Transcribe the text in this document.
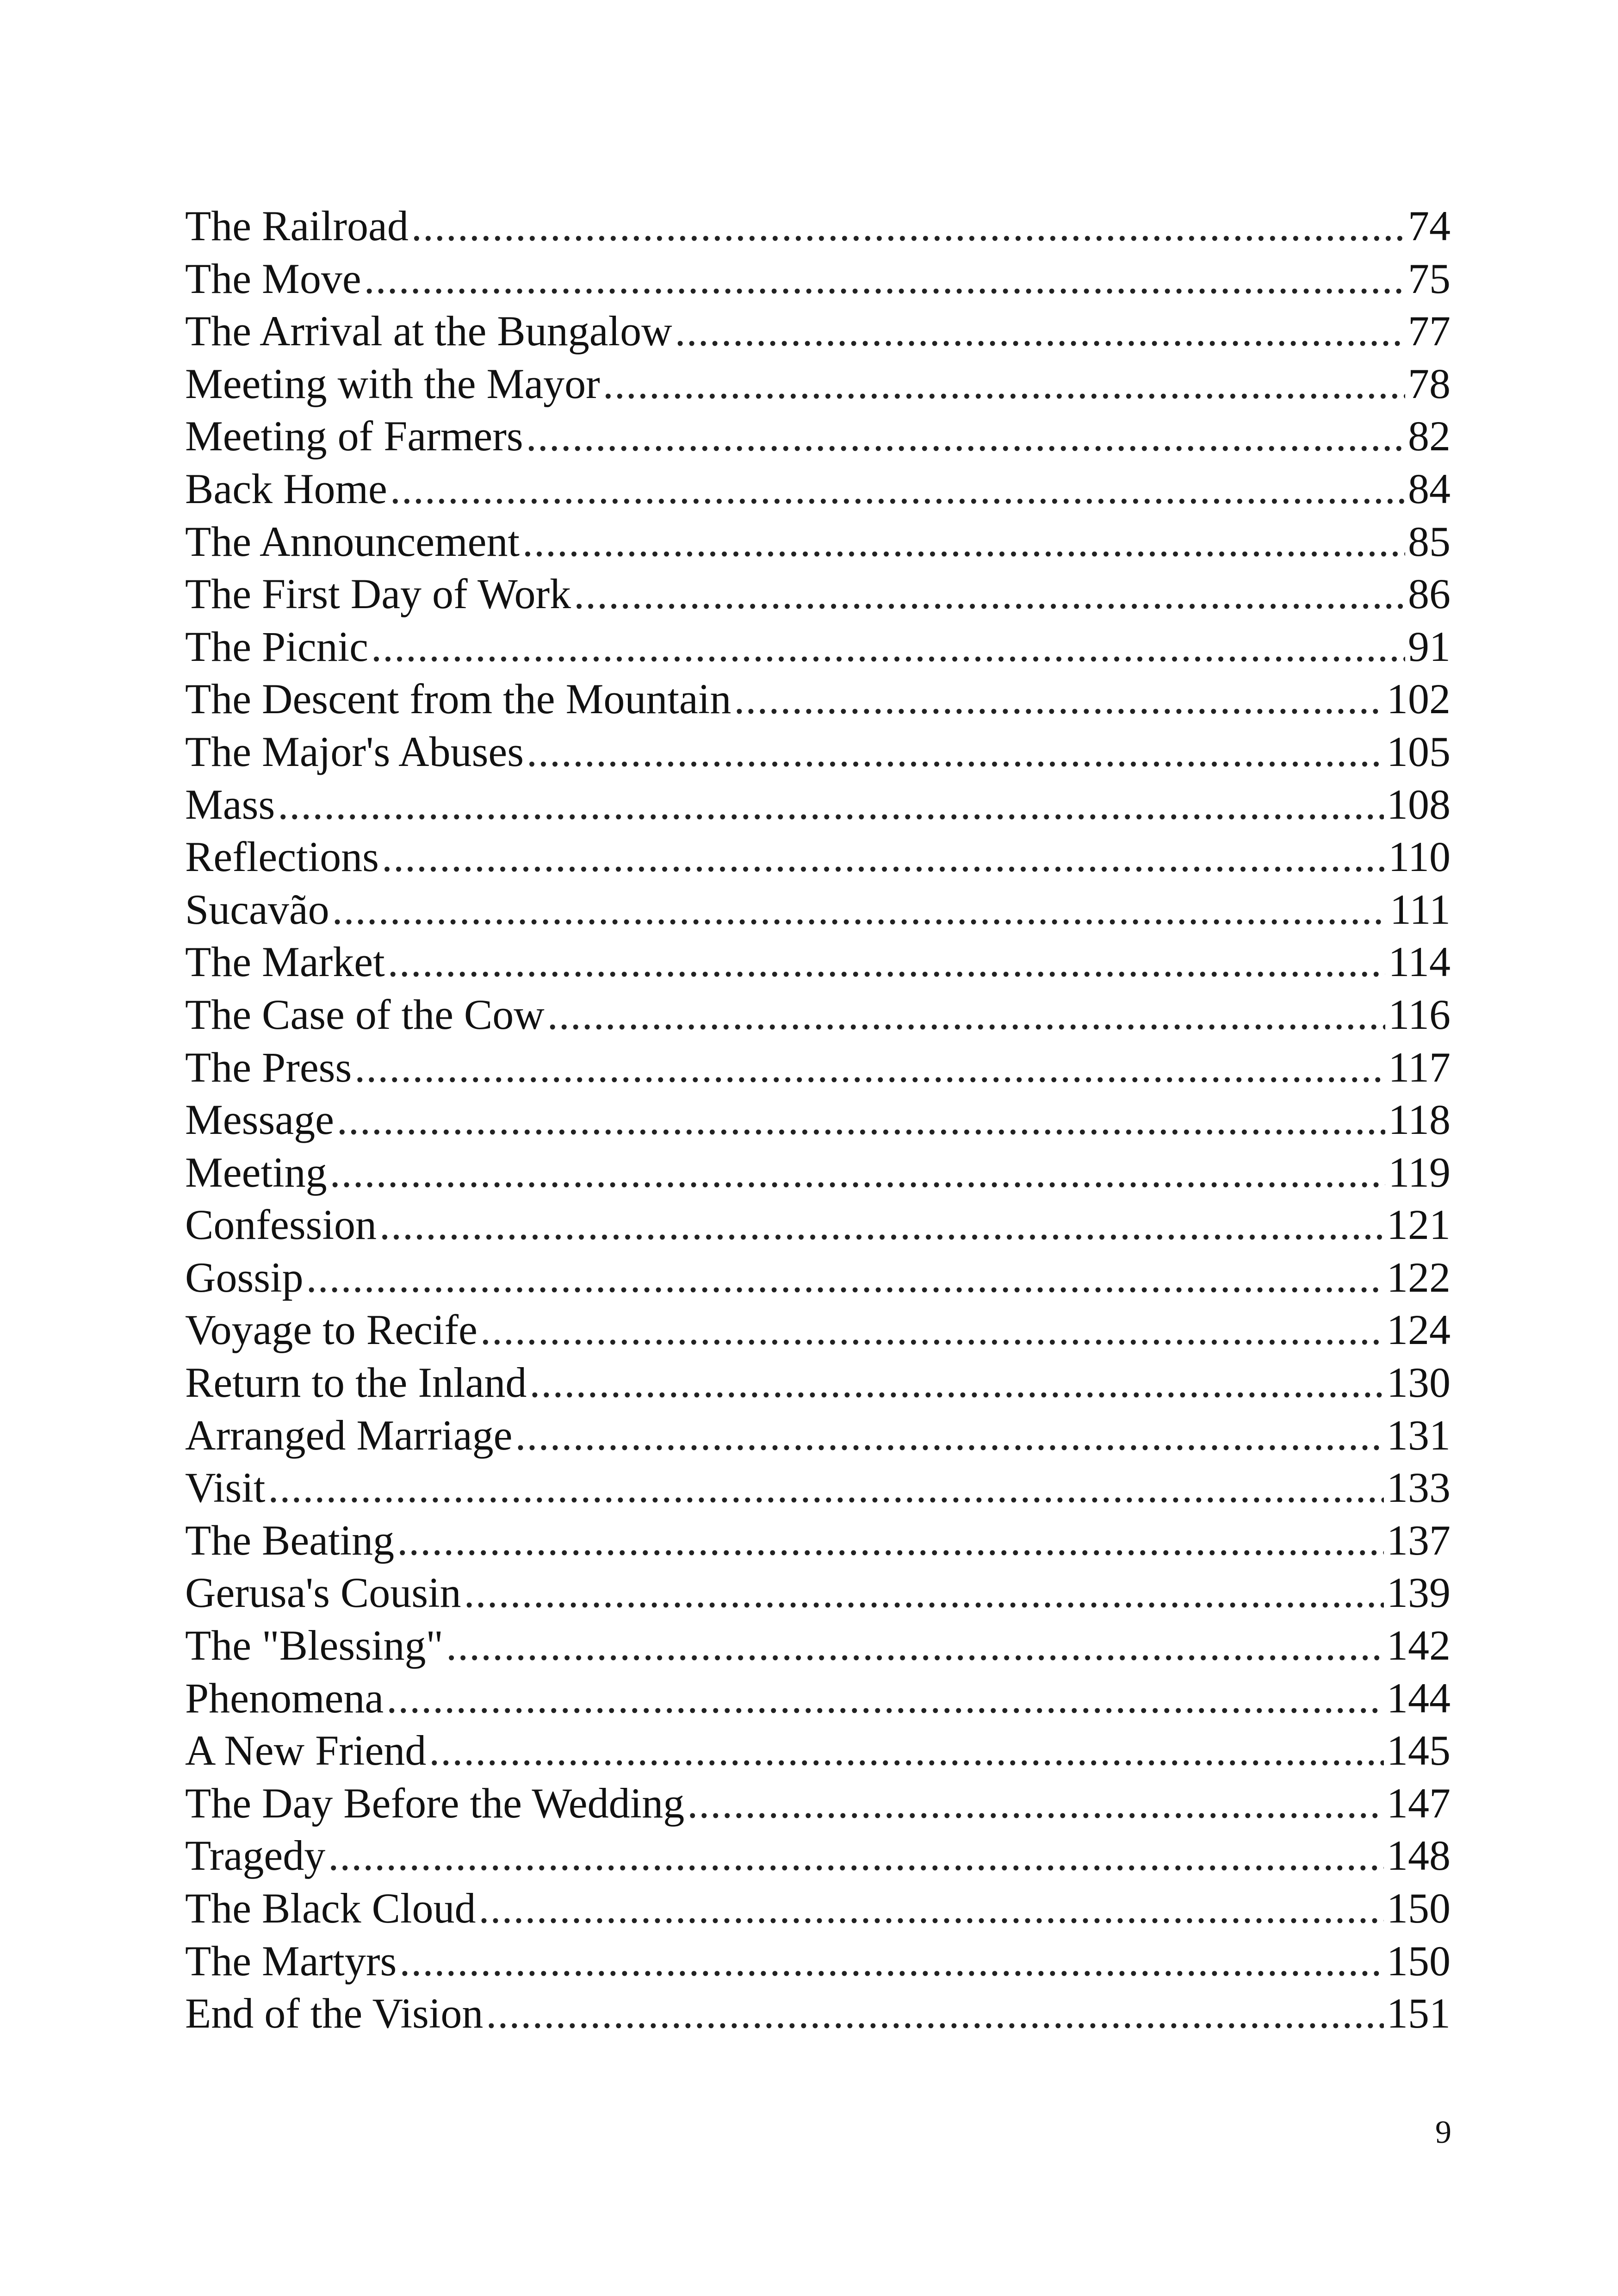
The Railroad .....	74
The Move .....	75
The Arrival at the Bungalow .....	77
Meeting with the Mayor .....	78
Meeting of Farmers .....	82
Back Home .....	84
The Announcement .....	85
The First Day of Work .....	86
The Picnic .....	91
The Descent from the Mountain .....	102
The Major's Abuses .....	105
Mass .....	108
Reflections .....	110
Sucavão .....	111
The Market .....	114
The Case of the Cow .....	116
The Press .....	117
Message .....	118
Meeting .....	119
Confession .....	121
Gossip .....	122
Voyage to Recife .....	124
Return to the Inland .....	130
Arranged Marriage .....	131
Visit .....	133
The Beating .....	137
Gerusa's Cousin .....	139
The "Blessing" .....	142
Phenomena .....	144
A New Friend .....	145
The Day Before the Wedding .....	147
Tragedy .....	148
The Black Cloud .....	150
The Martyrs .....	150
End of the Vision .....	151
9
